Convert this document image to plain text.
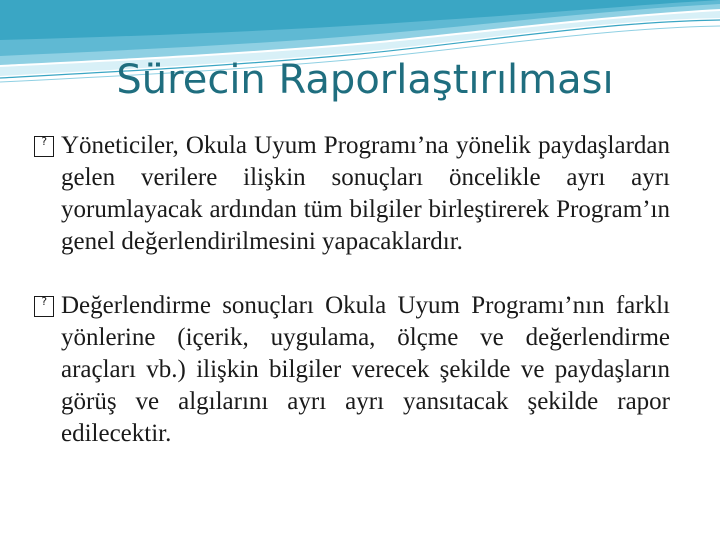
Sürecin Raporlaştırılması
? Yöneticiler, Okula Uyum Programı’na yönelik paydaşlardan gelen verilere ilişkin sonuçları öncelikle ayrı ayrı yorumlayacak ardından tüm bilgiler birleştirerek Program’ın genel değerlendirilmesini yapacaklardır.
? Değerlendirme sonuçları Okula Uyum Programı’nın farklı yönlerine (içerik, uygulama, ölçme ve değerlendirme araçları vb.) ilişkin bilgiler verecek şekilde ve paydaşların görüş ve algılarını ayrı ayrı yansıtacak şekilde rapor edilecektir.
